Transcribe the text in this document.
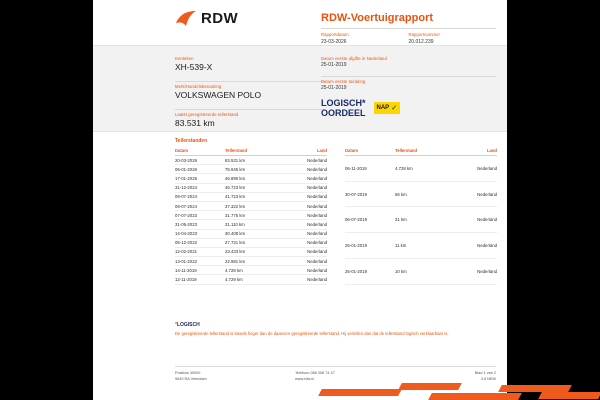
RDW	RDW-Voertuigrapport
Rapportdatum
23-03-2026
Rapportnummer
20.012.239
Kenteken
XH-539-X
Merk/Handelsbenaming
VOLKSWAGEN POLO
Laatst geregistreerde tellerstand
83.531 km
Datum eerste afgifte in Nederland
25-01-2019
Datum eerste toelating
25-01-2019
LOGISCH*
OORDEEL NAP ✓
Tellerstanden
Datum	Tellerstand	Land
20-03-2026	83.531 km	Nederland
06-01-2026	75.945 km	Nederland
17-01-2025	46.890 km	Nederland
31-12-2024	46.723 km	Nederland
09-07-2024	41.723 km	Nederland
09-07-2024	37.322 km	Nederland
07-07-2023	31.775 km	Nederland
31-05-2023	31.110 km	Nederland
14-04-2023	30.408 km	Nederland
05-12-2022	27.721 km	Nederland
12-02-2021	23.433 km	Nederland
13-01-2022	22.981 km	Nederland
14-11-2019	4.728 km	Nederland
12-11-2019	4.729 km	Nederland
Datum	Tellerstand	Land
06-11-2019	4.728 km	Nederland
30-07-2019	66 km	Nederland
06-07-2019	31 km	Nederland
25-01-2019	11 km	Nederland
25-01-2019	10 km	Nederland
*LOGISCH

De geregistreerde tellerstand is steeds hoger dan de daarvoor geregistreerde tellerstand. Hij vertellen dan dat de tellerstand logisch verklaarbaar is.

Postbus 30000
9640 RA Veendam
Telefoon 088 008 74 47
www.rdw.nl
Blad 1 van 2
3.5 NEW
